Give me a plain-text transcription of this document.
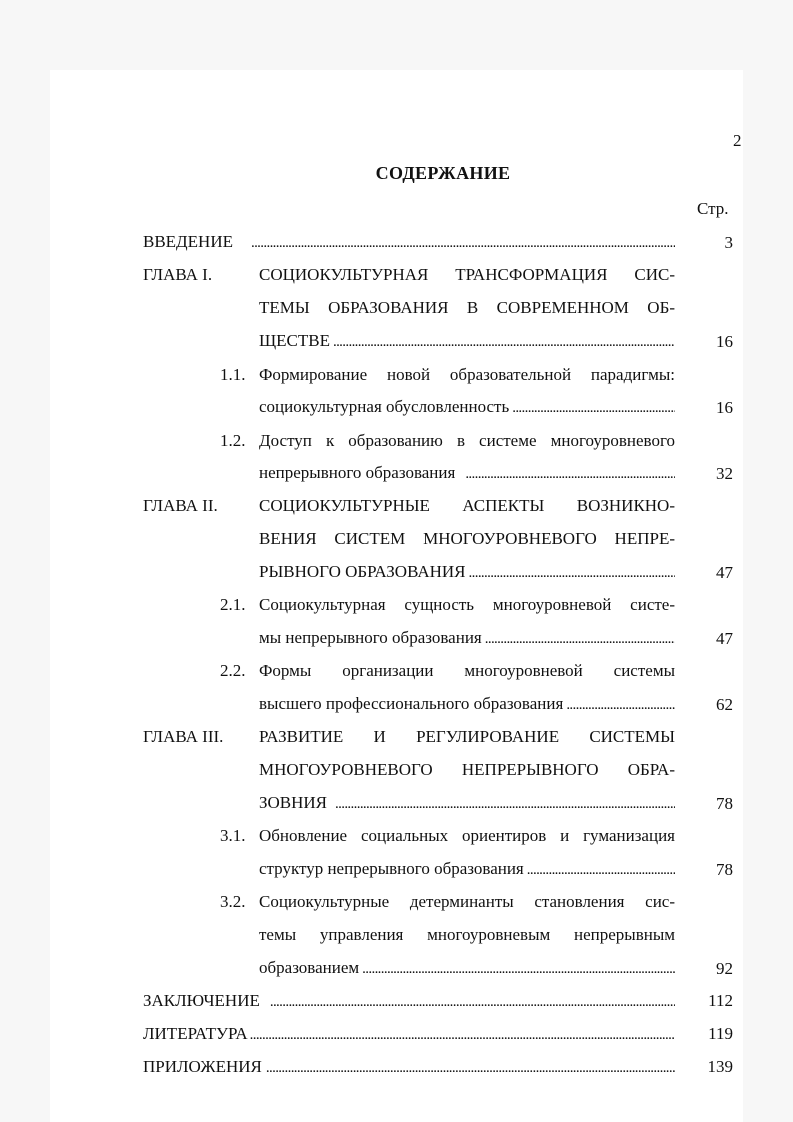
2
СОДЕРЖАНИЕ
Стр.
ВВЕДЕНИЕ . . .	3
ГЛАВА I.	СОЦИОКУЛЬТУРНАЯ ТРАНСФОРМАЦИЯ СИС-
ТЕМЫ ОБРАЗОВАНИЯ В СОВРЕМЕННОМ ОБ-
ЩЕСТВЕ . . .	16
1.1. Формирование новой образовательной парадигмы:
социокультурная обусловленность . . .	16
1.2. Доступ к образованию в системе многоуровневого
непрерывного образования . . .	32
ГЛАВА II. СОЦИОКУЛЬТУРНЫЕ АСПЕКТЫ ВОЗНИКНО-
ВЕНИЯ СИСТЕМ МНОГОУРОВНЕВОГО НЕПРЕ-
РЫВНОГО ОБРАЗОВАНИЯ . . .	47
2.1. Социокультурная сущность многоуровневой систе-
мы непрерывного образования . . .	47
2.2. Формы организации многоуровневой системы
высшего профессионального образования . . .	62
ГЛАВА III. РАЗВИТИЕ И РЕГУЛИРОВАНИЕ СИСТЕМЫ
МНОГОУРОВНЕВОГО НЕПРЕРЫВНОГО ОБРА-
ЗОВНИЯ . . .	78
3.1. Обновление социальных ориентиров и гуманизация
структур непрерывного образования . . .	78
3.2. Социокультурные детерминанты становления сис-
темы управления многоуровневым непрерывным
образованием . . .	92
ЗАКЛЮЧЕНИЕ . . .	112
ЛИТЕРАТУРА . . .	119
ПРИЛОЖЕНИЯ . . .	139
